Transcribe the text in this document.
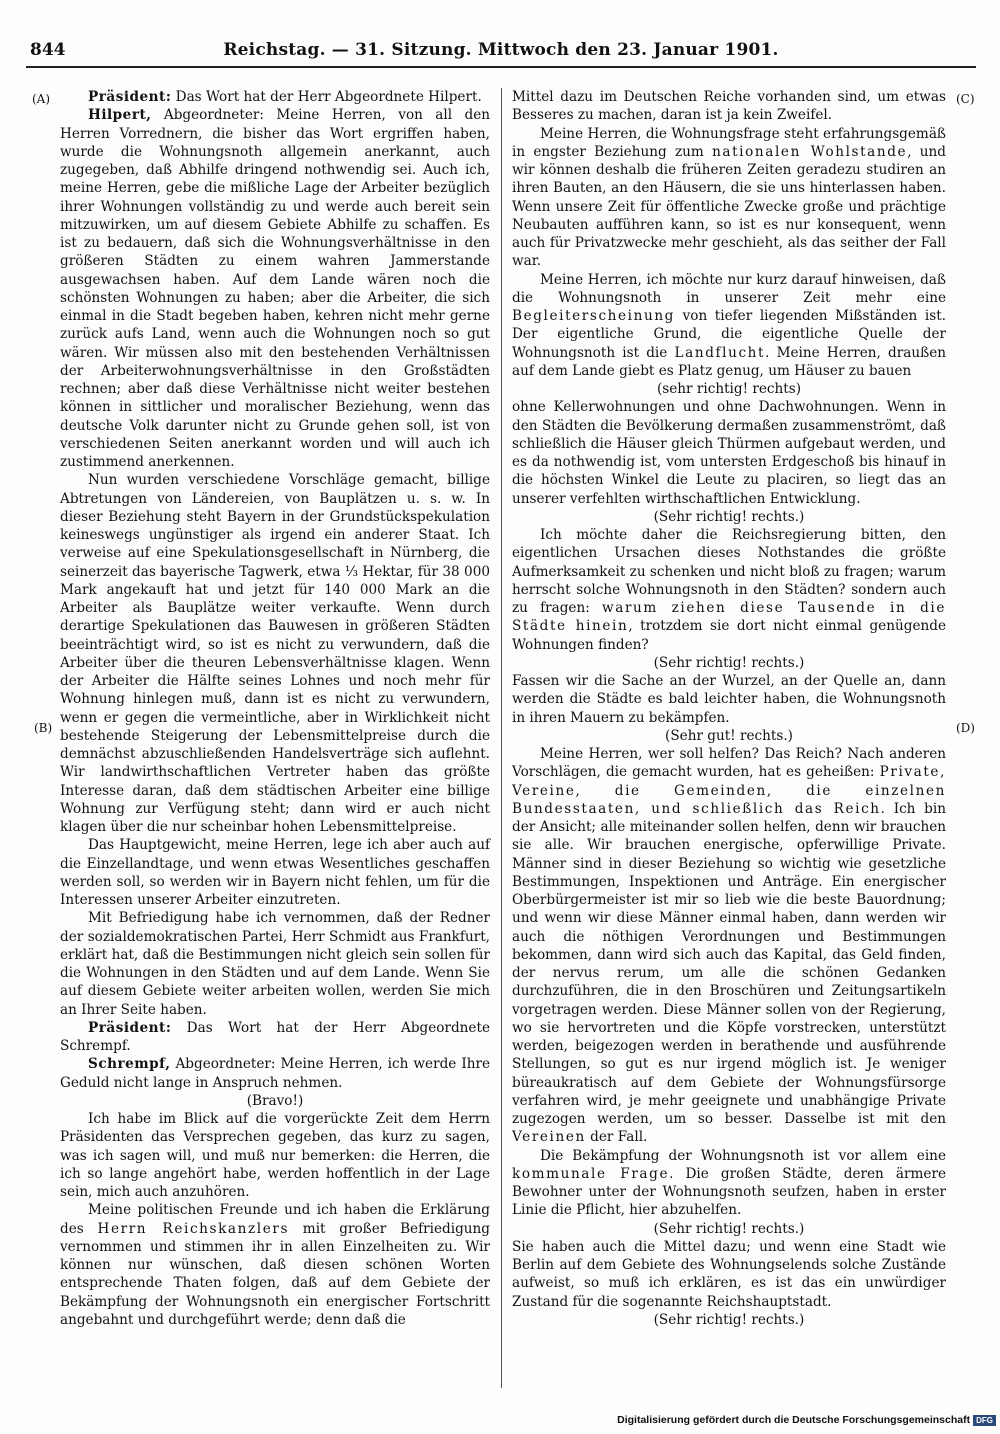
844	Reichstag. — 31. Sitzung. Mittwoch den 23. Januar 1901.
(A)
(B)
(C)
(D)

Präsident: Das Wort hat der Herr Abgeordnete Hilpert.

Hilpert, Abgeordneter: Meine Herren, von all den Herren Vorrednern, die bisher das Wort ergriffen haben, wurde die Wohnungsnoth allgemein anerkannt, auch zugegeben, daß Abhilfe dringend nothwendig sei. Auch ich, meine Herren, gebe die mißliche Lage der Arbeiter bezüglich ihrer Wohnungen vollständig zu und werde auch bereit sein mitzuwirken, um auf diesem Gebiete Abhilfe zu schaffen. Es ist zu bedauern, daß sich die Wohnungsverhältnisse in den größeren Städten zu einem wahren Jammerstande ausgewachsen haben. Auf dem Lande wären noch die schönsten Wohnungen zu haben; aber die Arbeiter, die sich einmal in die Stadt begeben haben, kehren nicht mehr gerne zurück aufs Land, wenn auch die Wohnungen noch so gut wären. Wir müssen also mit den bestehenden Verhältnissen der Arbeiterwohnungsverhältnisse in den Großstädten rechnen; aber daß diese Verhältnisse nicht weiter bestehen können in sittlicher und moralischer Beziehung, wenn das deutsche Volk darunter nicht zu Grunde gehen soll, ist von verschiedenen Seiten anerkannt worden und will auch ich zustimmend anerkennen.

Nun wurden verschiedene Vorschläge gemacht, billige Abtretungen von Ländereien, von Bauplätzen u. s. w. In dieser Beziehung steht Bayern in der Grundstückspekulation keineswegs ungünstiger als irgend ein anderer Staat. Ich verweise auf eine Spekulationsgesellschaft in Nürnberg, die seinerzeit das bayerische Tagwerk, etwa ⅓ Hektar, für 38 000 Mark angekauft hat und jetzt für 140 000 Mark an die Arbeiter als Bauplätze weiter verkaufte. Wenn durch derartige Spekulationen das Bauwesen in größeren Städten beeinträchtigt wird, so ist es nicht zu verwundern, daß die Arbeiter über die theuren Lebensverhältnisse klagen. Wenn der Arbeiter die Hälfte seines Lohnes und noch mehr für Wohnung hinlegen muß, dann ist es nicht zu verwundern, wenn er gegen die vermeintliche, aber in Wirklichkeit nicht bestehende Steigerung der Lebensmittelpreise durch die demnächst abzuschließenden Handelsverträge sich auflehnt. Wir landwirthschaftlichen Vertreter haben das größte Interesse daran, daß dem städtischen Arbeiter eine billige Wohnung zur Verfügung steht; dann wird er auch nicht klagen über die nur scheinbar hohen Lebensmittelpreise.

Das Hauptgewicht, meine Herren, lege ich aber auch auf die Einzellandtage, und wenn etwas Wesentliches geschaffen werden soll, so werden wir in Bayern nicht fehlen, um für die Interessen unserer Arbeiter einzutreten.

Mit Befriedigung habe ich vernommen, daß der Redner der sozialdemokratischen Partei, Herr Schmidt aus Frankfurt, erklärt hat, daß die Bestimmungen nicht gleich sein sollen für die Wohnungen in den Städten und auf dem Lande. Wenn Sie auf diesem Gebiete weiter arbeiten wollen, werden Sie mich an Ihrer Seite haben.

Präsident: Das Wort hat der Herr Abgeordnete Schrempf.

Schrempf, Abgeordneter: Meine Herren, ich werde Ihre Geduld nicht lange in Anspruch nehmen.

(Bravo!)

Ich habe im Blick auf die vorgerückte Zeit dem Herrn Präsidenten das Versprechen gegeben, das kurz zu sagen, was ich sagen will, und muß nur bemerken: die Herren, die ich so lange angehört habe, werden hoffentlich in der Lage sein, mich auch anzuhören.

Meine politischen Freunde und ich haben die Erklärung des Herrn Reichskanzlers mit großer Befriedigung vernommen und stimmen ihr in allen Einzelheiten zu. Wir können nur wünschen, daß diesen schönen Worten entsprechende Thaten folgen, daß auf dem Gebiete der Bekämpfung der Wohnungsnoth ein energischer Fortschritt angebahnt und durchgeführt werde; denn daß die

Mittel dazu im Deutschen Reiche vorhanden sind, um etwas Besseres zu machen, daran ist ja kein Zweifel.

Meine Herren, die Wohnungsfrage steht erfahrungsgemäß in engster Beziehung zum nationalen Wohlstande, und wir können deshalb die früheren Zeiten geradezu studiren an ihren Bauten, an den Häusern, die sie uns hinterlassen haben. Wenn unsere Zeit für öffentliche Zwecke große und prächtige Neubauten aufführen kann, so ist es nur konsequent, wenn auch für Privatzwecke mehr geschieht, als das seither der Fall war.

Meine Herren, ich möchte nur kurz darauf hinweisen, daß die Wohnungsnoth in unserer Zeit mehr eine Begleiterscheinung von tiefer liegenden Mißständen ist. Der eigentliche Grund, die eigentliche Quelle der Wohnungsnoth ist die Landflucht. Meine Herren, draußen auf dem Lande giebt es Platz genug, um Häuser zu bauen

(sehr richtig! rechts)

ohne Kellerwohnungen und ohne Dachwohnungen. Wenn in den Städten die Bevölkerung dermaßen zusammenströmt, daß schließlich die Häuser gleich Thürmen aufgebaut werden, und es da nothwendig ist, vom untersten Erdgeschoß bis hinauf in die höchsten Winkel die Leute zu placiren, so liegt das an unserer verfehlten wirthschaftlichen Entwicklung.

(Sehr richtig! rechts.)

Ich möchte daher die Reichsregierung bitten, den eigentlichen Ursachen dieses Nothstandes die größte Aufmerksamkeit zu schenken und nicht bloß zu fragen; warum herrscht solche Wohnungsnoth in den Städten? sondern auch zu fragen: warum ziehen diese Tausende in die Städte hinein, trotzdem sie dort nicht einmal genügende Wohnungen finden?

(Sehr richtig! rechts.)

Fassen wir die Sache an der Wurzel, an der Quelle an, dann werden die Städte es bald leichter haben, die Wohnungsnoth in ihren Mauern zu bekämpfen.

(Sehr gut! rechts.)

Meine Herren, wer soll helfen? Das Reich? Nach anderen Vorschlägen, die gemacht wurden, hat es geheißen: Private, Vereine, die Gemeinden, die einzelnen Bundesstaaten, und schließlich das Reich. Ich bin der Ansicht; alle miteinander sollen helfen, denn wir brauchen sie alle. Wir brauchen energische, opferwillige Private. Männer sind in dieser Beziehung so wichtig wie gesetzliche Bestimmungen, Inspektionen und Anträge. Ein energischer Oberbürgermeister ist mir so lieb wie die beste Bauordnung; und wenn wir diese Männer einmal haben, dann werden wir auch die nöthigen Verordnungen und Bestimmungen bekommen, dann wird sich auch das Kapital, das Geld finden, der nervus rerum, um alle die schönen Gedanken durchzuführen, die in den Broschüren und Zeitungsartikeln vorgetragen werden. Diese Männer sollen von der Regierung, wo sie hervortreten und die Köpfe vorstrecken, unterstützt werden, beigezogen werden in berathende und ausführende Stellungen, so gut es nur irgend möglich ist. Je weniger büreaukratisch auf dem Gebiete der Wohnungsfürsorge verfahren wird, je mehr geeignete und unabhängige Private zugezogen werden, um so besser. Dasselbe ist mit den Vereinen der Fall.

Die Bekämpfung der Wohnungsnoth ist vor allem eine kommunale Frage. Die großen Städte, deren ärmere Bewohner unter der Wohnungsnoth seufzen, haben in erster Linie die Pflicht, hier abzuhelfen.

(Sehr richtig! rechts.)

Sie haben auch die Mittel dazu; und wenn eine Stadt wie Berlin auf dem Gebiete des Wohnungselends solche Zustände aufweist, so muß ich erklären, es ist das ein unwürdiger Zustand für die sogenannte Reichshauptstadt.

(Sehr richtig! rechts.)

Digitalisierung gefördert durch die Deutsche Forschungsgemeinschaft DFG
